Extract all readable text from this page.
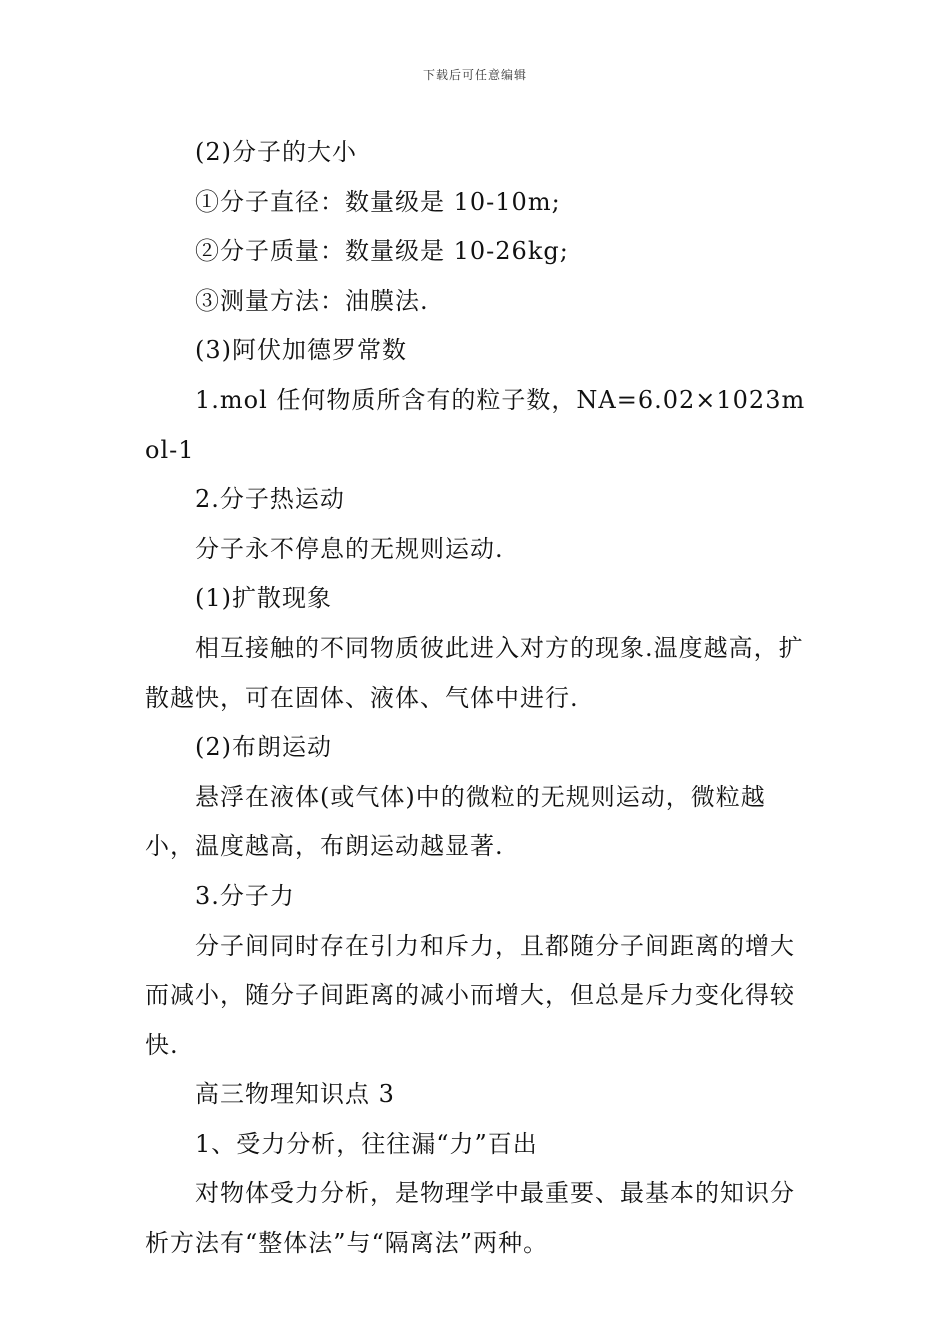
下载后可任意编辑

(2)分子的大小

①分子直径：数量级是 10-10m;

②分子质量：数量级是 10-26kg;

③测量方法：油膜法.

(3)阿伏加德罗常数

1.mol 任何物质所含有的粒子数，NA=6.02×1023mol-1

2.分子热运动

分子永不停息的无规则运动.

(1)扩散现象

相互接触的不同物质彼此进入对方的现象.温度越高，扩散越快，可在固体、液体、气体中进行.

(2)布朗运动

悬浮在液体(或气体)中的微粒的无规则运动，微粒越小，温度越高，布朗运动越显著.

3.分子力

分子间同时存在引力和斥力，且都随分子间距离的增大而减小，随分子间距离的减小而增大，但总是斥力变化得较快.

高三物理知识点 3

1、受力分析，往往漏“力”百出

对物体受力分析，是物理学中最重要、最基本的知识分析方法有“整体法”与“隔离法”两种。
